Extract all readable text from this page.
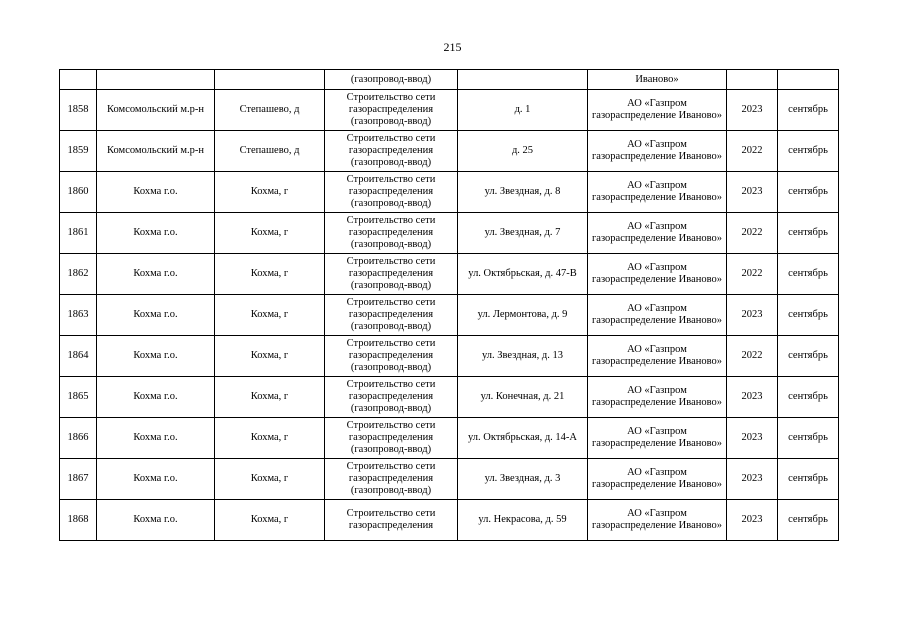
215
			(газопровод-ввод)		Иваново»		
1858	Комсомольский м.р-н	Степашево, д	Строительство сети газораспределения (газопровод-ввод)	д. 1	АО «Газпром газораспределение Иваново»	2023	сентябрь
1859	Комсомольский м.р-н	Степашево, д	Строительство сети газораспределения (газопровод-ввод)	д. 25	АО «Газпром газораспределение Иваново»	2022	сентябрь
1860	Кохма г.о.	Кохма, г	Строительство сети газораспределения (газопровод-ввод)	ул. Звездная, д. 8	АО «Газпром газораспределение Иваново»	2023	сентябрь
1861	Кохма г.о.	Кохма, г	Строительство сети газораспределения (газопровод-ввод)	ул. Звездная, д. 7	АО «Газпром газораспределение Иваново»	2022	сентябрь
1862	Кохма г.о.	Кохма, г	Строительство сети газораспределения (газопровод-ввод)	ул. Октябрьская, д. 47-В	АО «Газпром газораспределение Иваново»	2022	сентябрь
1863	Кохма г.о.	Кохма, г	Строительство сети газораспределения (газопровод-ввод)	ул. Лермонтова, д. 9	АО «Газпром газораспределение Иваново»	2023	сентябрь
1864	Кохма г.о.	Кохма, г	Строительство сети газораспределения (газопровод-ввод)	ул. Звездная, д. 13	АО «Газпром газораспределение Иваново»	2022	сентябрь
1865	Кохма г.о.	Кохма, г	Строительство сети газораспределения (газопровод-ввод)	ул. Конечная, д. 21	АО «Газпром газораспределение Иваново»	2023	сентябрь
1866	Кохма г.о.	Кохма, г	Строительство сети газораспределения (газопровод-ввод)	ул. Октябрьская, д. 14-А	АО «Газпром газораспределение Иваново»	2023	сентябрь
1867	Кохма г.о.	Кохма, г	Строительство сети газораспределения (газопровод-ввод)	ул. Звездная, д. 3	АО «Газпром газораспределение Иваново»	2023	сентябрь
1868	Кохма г.о.	Кохма, г	Строительство сети газораспределения	ул. Некрасова, д. 59	АО «Газпром газораспределение Иваново»	2023	сентябрь
